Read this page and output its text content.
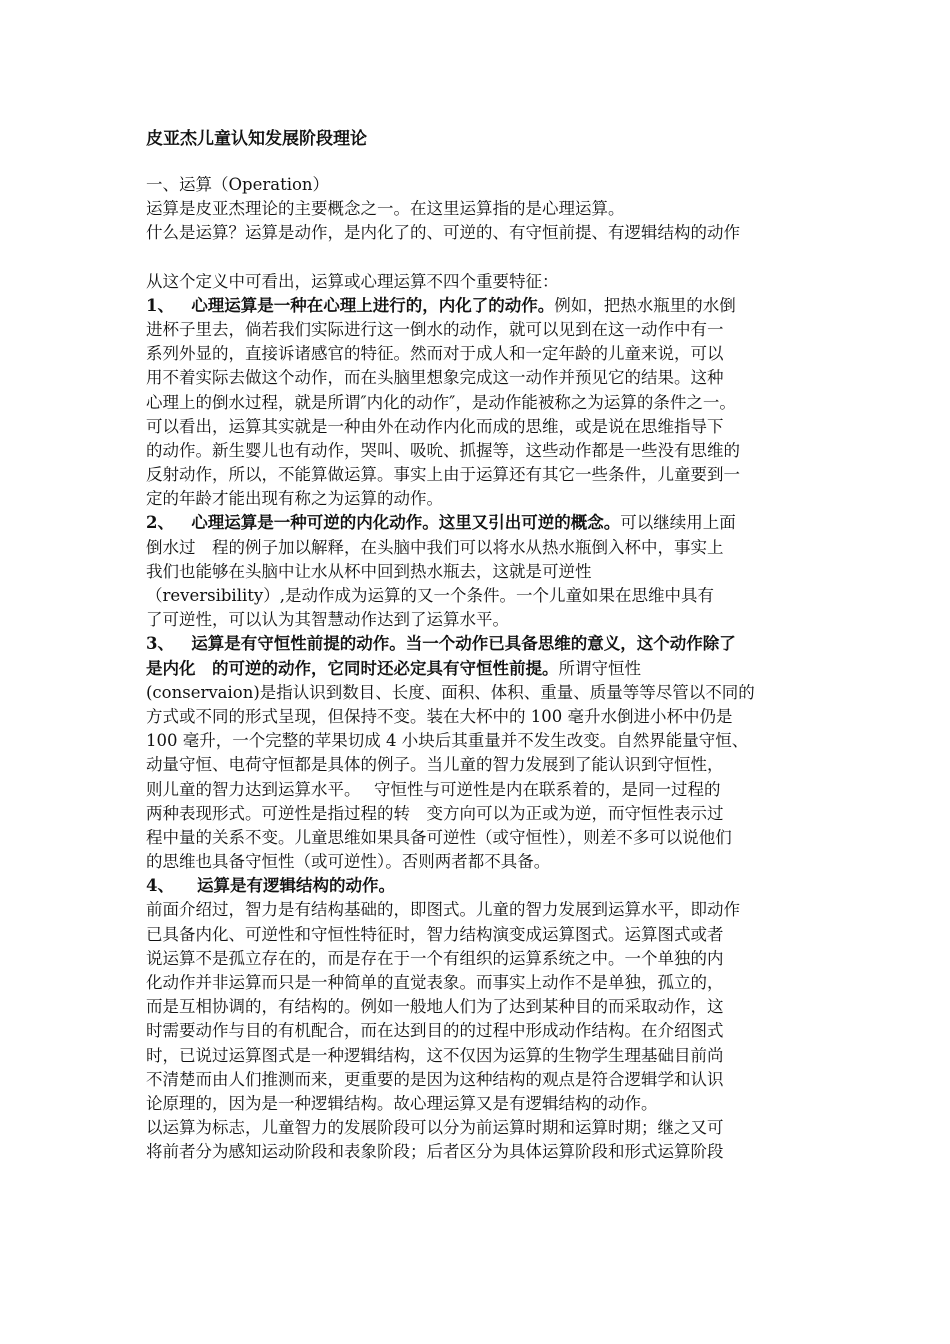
皮亚杰儿童认知发展阶段理论
一、运算（Operation）
运算是皮亚杰理论的主要概念之一。在这里运算指的是心理运算。
什么是运算？运算是动作，是内化了的、可逆的、有守恒前提、有逻辑结构的动作
从这个定义中可看出，运算或心理运算不四个重要特征：
1、   心理运算是一种在心理上进行的，内化了的动作。例如，把热水瓶里的水倒
进杯子里去，倘若我们实际进行这一倒水的动作，就可以见到在这一动作中有一
系列外显的，直接诉诸感官的特征。然而对于成人和一定年龄的儿童来说，可以
用不着实际去做这个动作，而在头脑里想象完成这一动作并预见它的结果。这种
心理上的倒水过程，就是所谓″内化的动作″，是动作能被称之为运算的条件之一。
可以看出，运算其实就是一种由外在动作内化而成的思维，或是说在思维指导下
的动作。新生婴儿也有动作，哭叫、吸吮、抓握等，这些动作都是一些没有思维的
反射动作，所以，不能算做运算。事实上由于运算还有其它一些条件，儿童要到一
定的年龄才能出现有称之为运算的动作。
2、   心理运算是一种可逆的内化动作。这里又引出可逆的概念。可以继续用上面
倒水过　程的例子加以解释，在头脑中我们可以将水从热水瓶倒入杯中，事实上
我们也能够在头脑中让水从杯中回到热水瓶去，这就是可逆性
（reversibility）,是动作成为运算的又一个条件。一个儿童如果在思维中具有
了可逆性，可以认为其智慧动作达到了运算水平。
3、   运算是有守恒性前提的动作。当一个动作已具备思维的意义，这个动作除了
是内化　的可逆的动作，它同时还必定具有守恒性前提。所谓守恒性
(conservaion)是指认识到数目、长度、面积、体积、重量、质量等等尽管以不同的
方式或不同的形式呈现，但保持不变。装在大杯中的 100 毫升水倒进小杯中仍是
100 毫升，一个完整的苹果切成 4 小块后其重量并不发生改变。自然界能量守恒、
动量守恒、电荷守恒都是具体的例子。当儿童的智力发展到了能认识到守恒性，
则儿童的智力达到运算水平。　 守恒性与可逆性是内在联系着的，是同一过程的
两种表现形式。可逆性是指过程的转　变方向可以为正或为逆，而守恒性表示过
程中量的关系不变。儿童思维如果具备可逆性（或守恒性），则差不多可以说他们
的思维也具备守恒性（或可逆性）。否则两者都不具备。
4、    运算是有逻辑结构的动作。
前面介绍过，智力是有结构基础的，即图式。儿童的智力发展到运算水平，即动作
已具备内化、可逆性和守恒性特征时，智力结构演变成运算图式。运算图式或者
说运算不是孤立存在的，而是存在于一个有组织的运算系统之中。一个单独的内
化动作并非运算而只是一种简单的直觉表象。而事实上动作不是单独，孤立的，
而是互相协调的，有结构的。例如一般地人们为了达到某种目的而采取动作，这
时需要动作与目的有机配合，而在达到目的的过程中形成动作结构。在介绍图式
时，已说过运算图式是一种逻辑结构，这不仅因为运算的生物学生理基础目前尚
不清楚而由人们推测而来，更重要的是因为这种结构的观点是符合逻辑学和认识
论原理的，因为是一种逻辑结构。故心理运算又是有逻辑结构的动作。
以运算为标志，儿童智力的发展阶段可以分为前运算时期和运算时期；继之又可
将前者分为感知运动阶段和表象阶段；后者区分为具体运算阶段和形式运算阶段
